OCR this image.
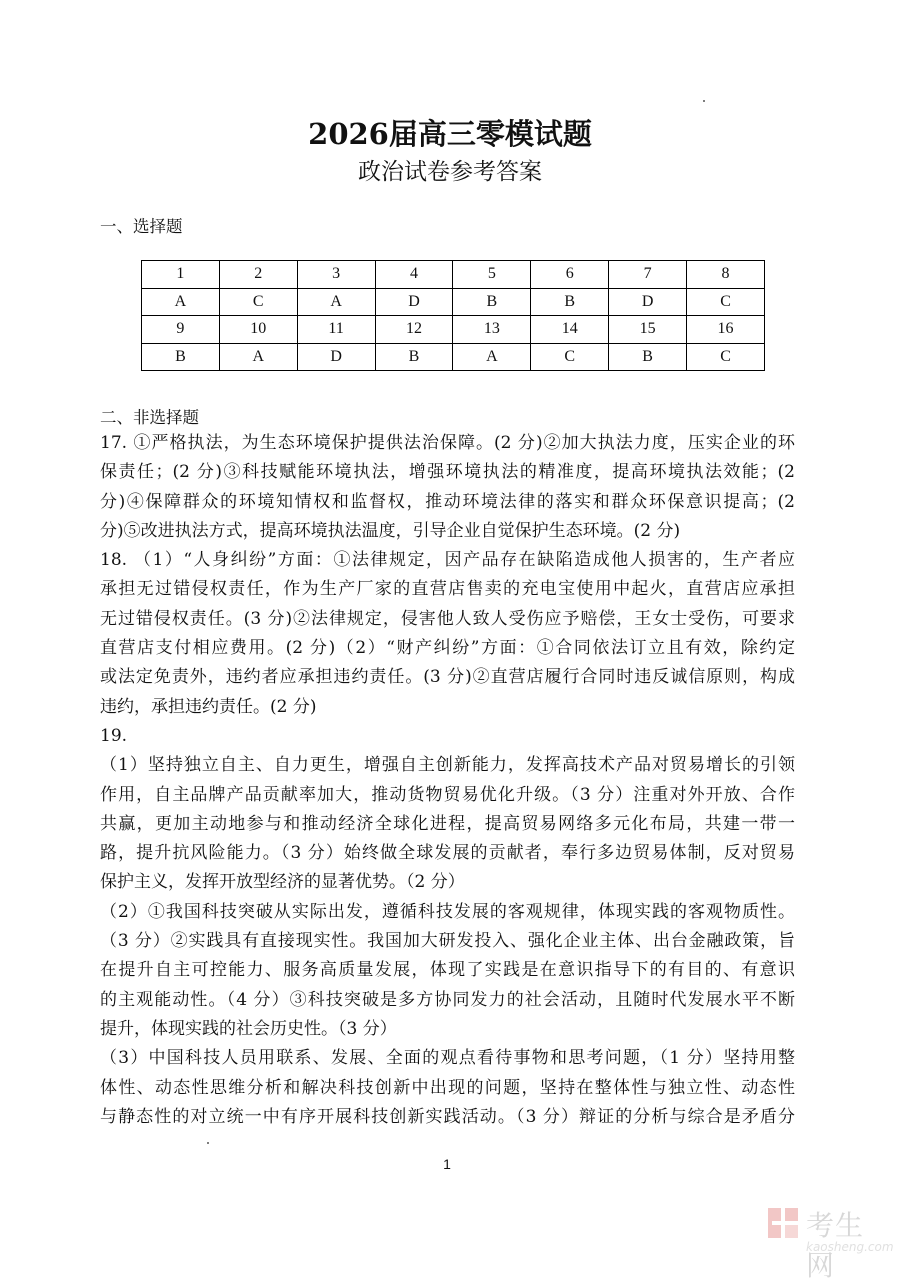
2026届高三零模试题
政治试卷参考答案
一、选择题
1	2	3	4	5	6	7	8
A	C	A	D	B	B	D	C
9	10	11	12	13	14	15	16
B	A	D	B	A	C	B	C
二、非选择题
17. ①严格执法，为生态环境保护提供法治保障。(2 分)②加大执法力度，压实企业的环
保责任；(2 分)③科技赋能环境执法，增强环境执法的精准度，提高环境执法效能；(2
分)④保障群众的环境知情权和监督权，推动环境法律的落实和群众环保意识提高；(2
分)⑤改进执法方式，提高环境执法温度，引导企业自觉保护生态环境。(2 分)
18. （1）“人身纠纷”方面：①法律规定，因产品存在缺陷造成他人损害的，生产者应
承担无过错侵权责任，作为生产厂家的直营店售卖的充电宝使用中起火，直营店应承担
无过错侵权责任。(3 分)②法律规定，侵害他人致人受伤应予赔偿，王女士受伤，可要求
直营店支付相应费用。(2 分)（2）“财产纠纷”方面：①合同依法订立且有效，除约定
或法定免责外，违约者应承担违约责任。(3 分)②直营店履行合同时违反诚信原则，构成
违约，承担违约责任。(2 分)
19.
（1）坚持独立自主、自力更生，增强自主创新能力，发挥高技术产品对贸易增长的引领
作用，自主品牌产品贡献率加大，推动货物贸易优化升级。（3 分）注重对外开放、合作
共赢，更加主动地参与和推动经济全球化进程，提高贸易网络多元化布局，共建一带一
路，提升抗风险能力。（3 分）始终做全球发展的贡献者，奉行多边贸易体制，反对贸易
保护主义，发挥开放型经济的显著优势。（2 分）
（2）①我国科技突破从实际出发，遵循科技发展的客观规律，体现实践的客观物质性。
（3 分）②实践具有直接现实性。我国加大研发投入、强化企业主体、出台金融政策，旨
在提升自主可控能力、服务高质量发展，体现了实践是在意识指导下的有目的、有意识
的主观能动性。（4 分）③科技突破是多方协同发力的社会活动，且随时代发展水平不断
提升，体现实践的社会历史性。（3 分）
（3）中国科技人员用联系、发展、全面的观点看待事物和思考问题，（1 分）坚持用整
体性、动态性思维分析和解决科技创新中出现的问题，坚持在整体性与独立性、动态性
与静态性的对立统一中有序开展科技创新实践活动。（3 分）辩证的分析与综合是矛盾分
1
考生网
kaosheng.com
